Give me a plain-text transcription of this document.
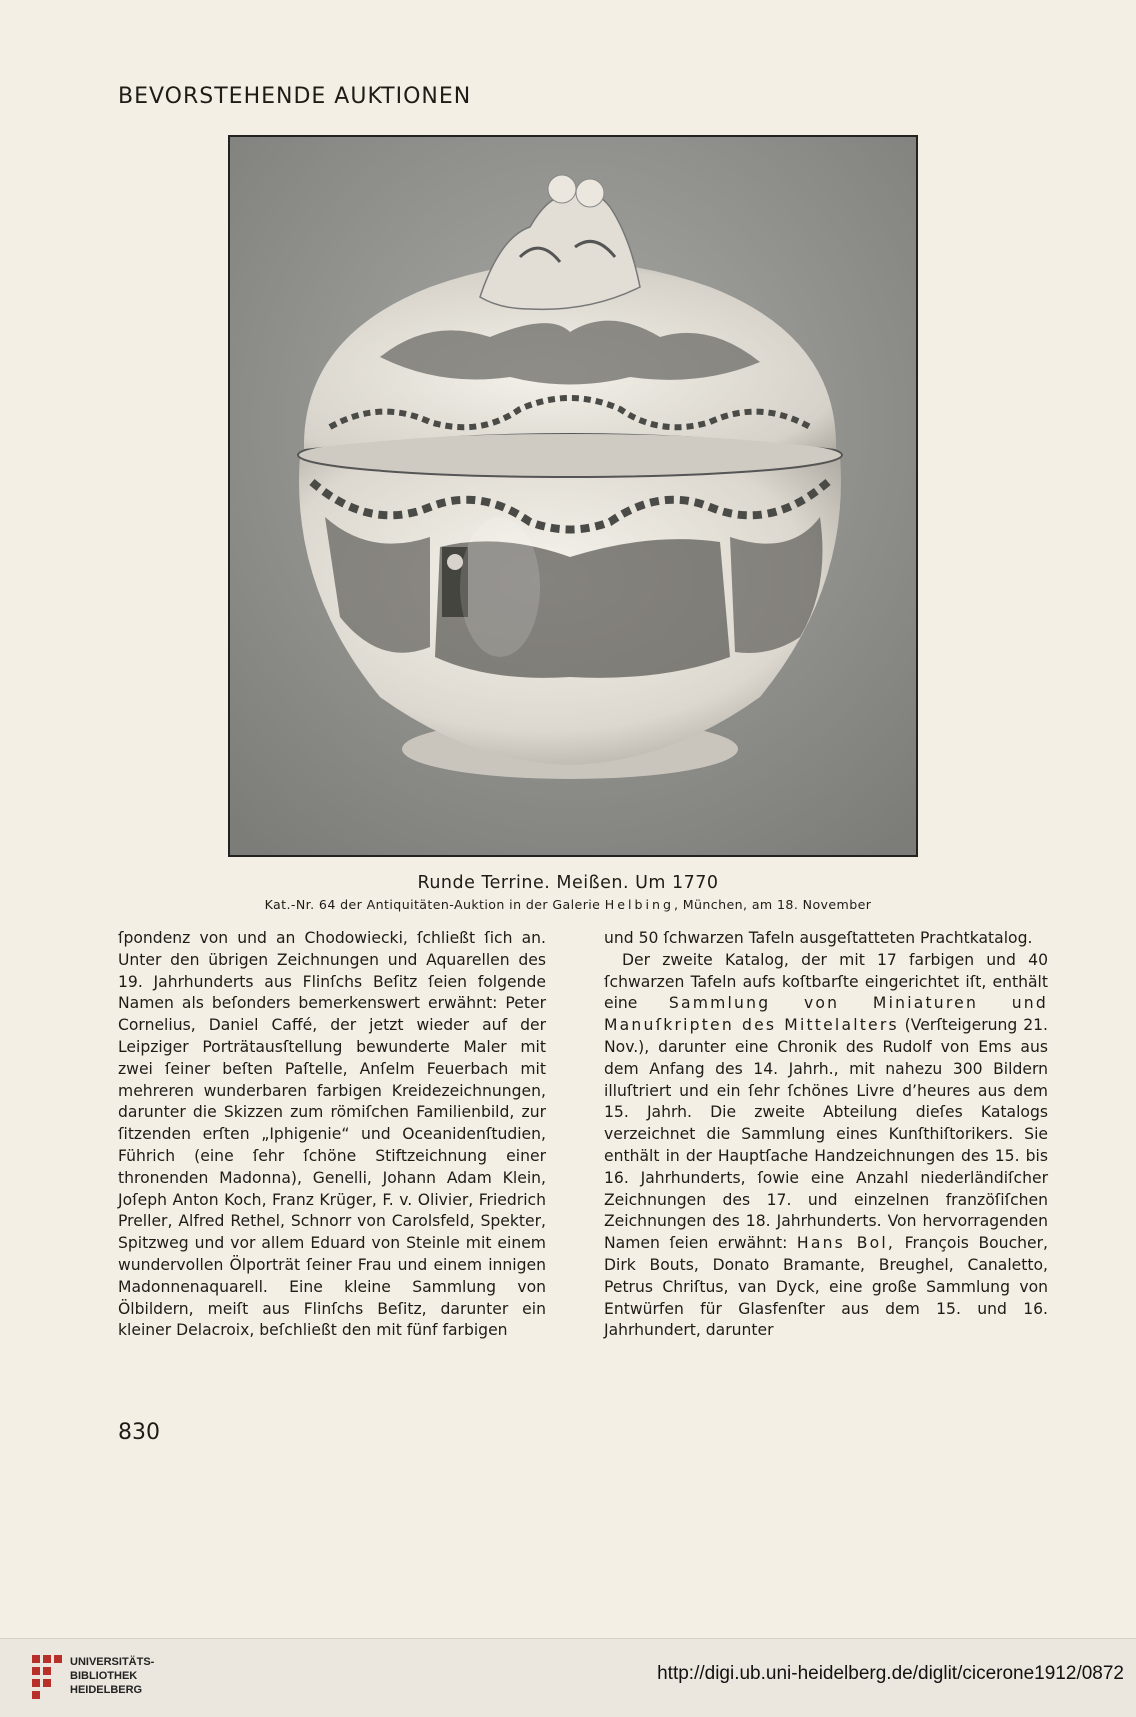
BEVORSTEHENDE AUKTIONEN
Runde Terrine. Meißen. Um 1770
Kat.-Nr. 64 der Antiquitäten-Auktion in der Galerie Helbing, München, am 18. November

ſpondenz von und an Chodowiecki, ſchließt ſich an. Unter den übrigen Zeichnungen und Aquarellen des 19. Jahrhunderts aus Flinſchs Beſitz ſeien folgende Namen als beſonders bemerkenswert erwähnt: Peter Cornelius, Daniel Caffé, der jetzt wieder auf der Leipziger Porträtausſtellung bewunderte Maler mit zwei ſeiner beſten Paſtelle, Anſelm Feuerbach mit mehreren wunderbaren farbigen Kreidezeichnungen, darunter die Skizzen zum römiſchen Familienbild, zur ſitzenden erſten „Iphigenie“ und Oceanidenſtudien, Führich (eine ſehr ſchöne Stiftzeichnung einer thronenden Madonna), Genelli, Johann Adam Klein, Joſeph Anton Koch, Franz Krüger, F. v. Olivier, Friedrich Preller, Alfred Rethel, Schnorr von Carolsfeld, Spekter, Spitzweg und vor allem Eduard von Steinle mit einem wundervollen Ölporträt ſeiner Frau und einem innigen Madonnenaquarell. Eine kleine Sammlung von Ölbildern, meiſt aus Flinſchs Beſitz, darunter ein kleiner Delacroix, beſchließt den mit fünf farbigen

und 50 ſchwarzen Tafeln ausgeſtatteten Prachtkatalog.

Der zweite Katalog, der mit 17 farbigen und 40 ſchwarzen Tafeln aufs koſtbarſte eingerichtet iſt, enthält eine Sammlung von Miniaturen und Manuſkripten des Mittelalters (Verſteigerung 21. Nov.), darunter eine Chronik des Rudolf von Ems aus dem Anfang des 14. Jahrh., mit nahezu 300 Bildern illuſtriert und ein ſehr ſchönes Livre d’heures aus dem 15. Jahrh. Die zweite Abteilung dieſes Katalogs verzeichnet die Sammlung eines Kunſthiſtorikers. Sie enthält in der Hauptſache Handzeichnungen des 15. bis 16. Jahrhunderts, ſowie eine Anzahl niederländiſcher Zeichnungen des 17. und einzelnen franzöſiſchen Zeichnungen des 18. Jahrhunderts. Von hervorragenden Namen ſeien erwähnt: Hans Bol, François Boucher, Dirk Bouts, Donato Bramante, Breughel, Canaletto, Petrus Chriſtus, van Dyck, eine große Sammlung von Entwürfen für Glasfenſter aus dem 15. und 16. Jahrhundert, darunter

830
UNIVERSITÄTS-
BIBLIOTHEK
HEIDELBERG
http://digi.ub.uni-heidelberg.de/diglit/cicerone1912/0872
